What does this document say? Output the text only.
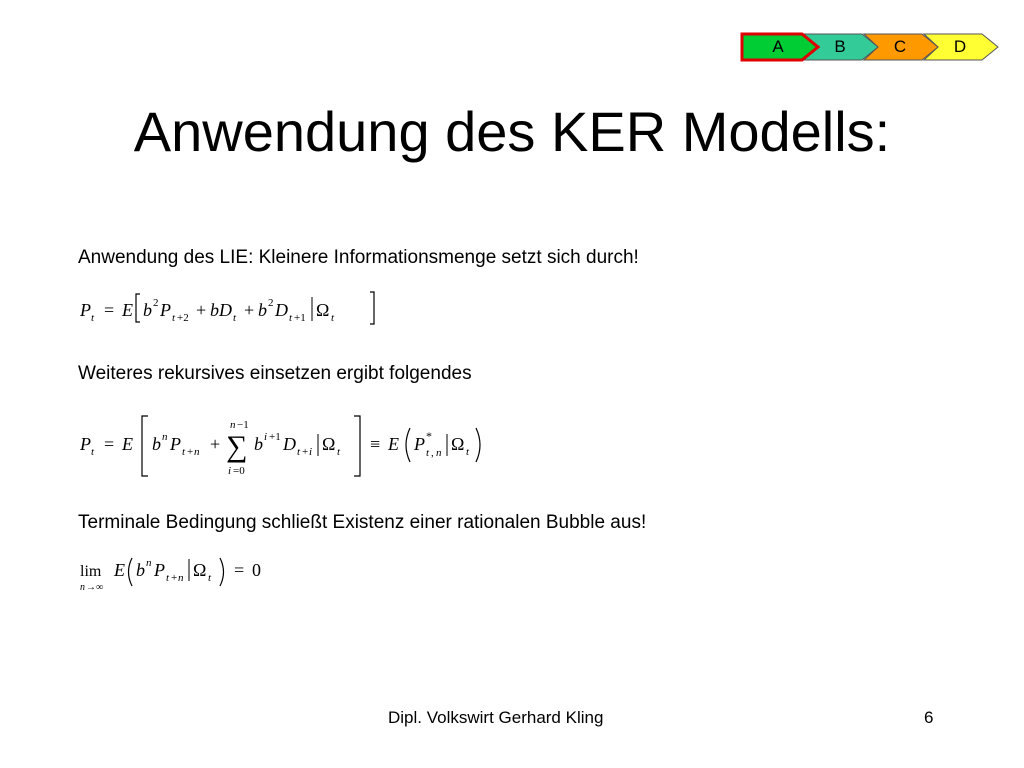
A	B	C	D
Anwendung des KER Modells:
Anwendung des LIE: Kleinere Informationsmenge setzt sich durch!
P t = E b 2 P t +2 + bD t + b 2 D t +1 Ω t
Weiteres rekursives einsetzen ergibt folgendes
P t = E b n P t + n +
n −1
∑
i =0
b i +1 D t + i Ω t ≡ E P *
t , n Ω t
Terminale Bedingung schließt Existenz einer rationalen Bubble aus!
lim
n →∞
E b n P t + n Ω t = 0
Dipl. Volkswirt Gerhard Kling	6
